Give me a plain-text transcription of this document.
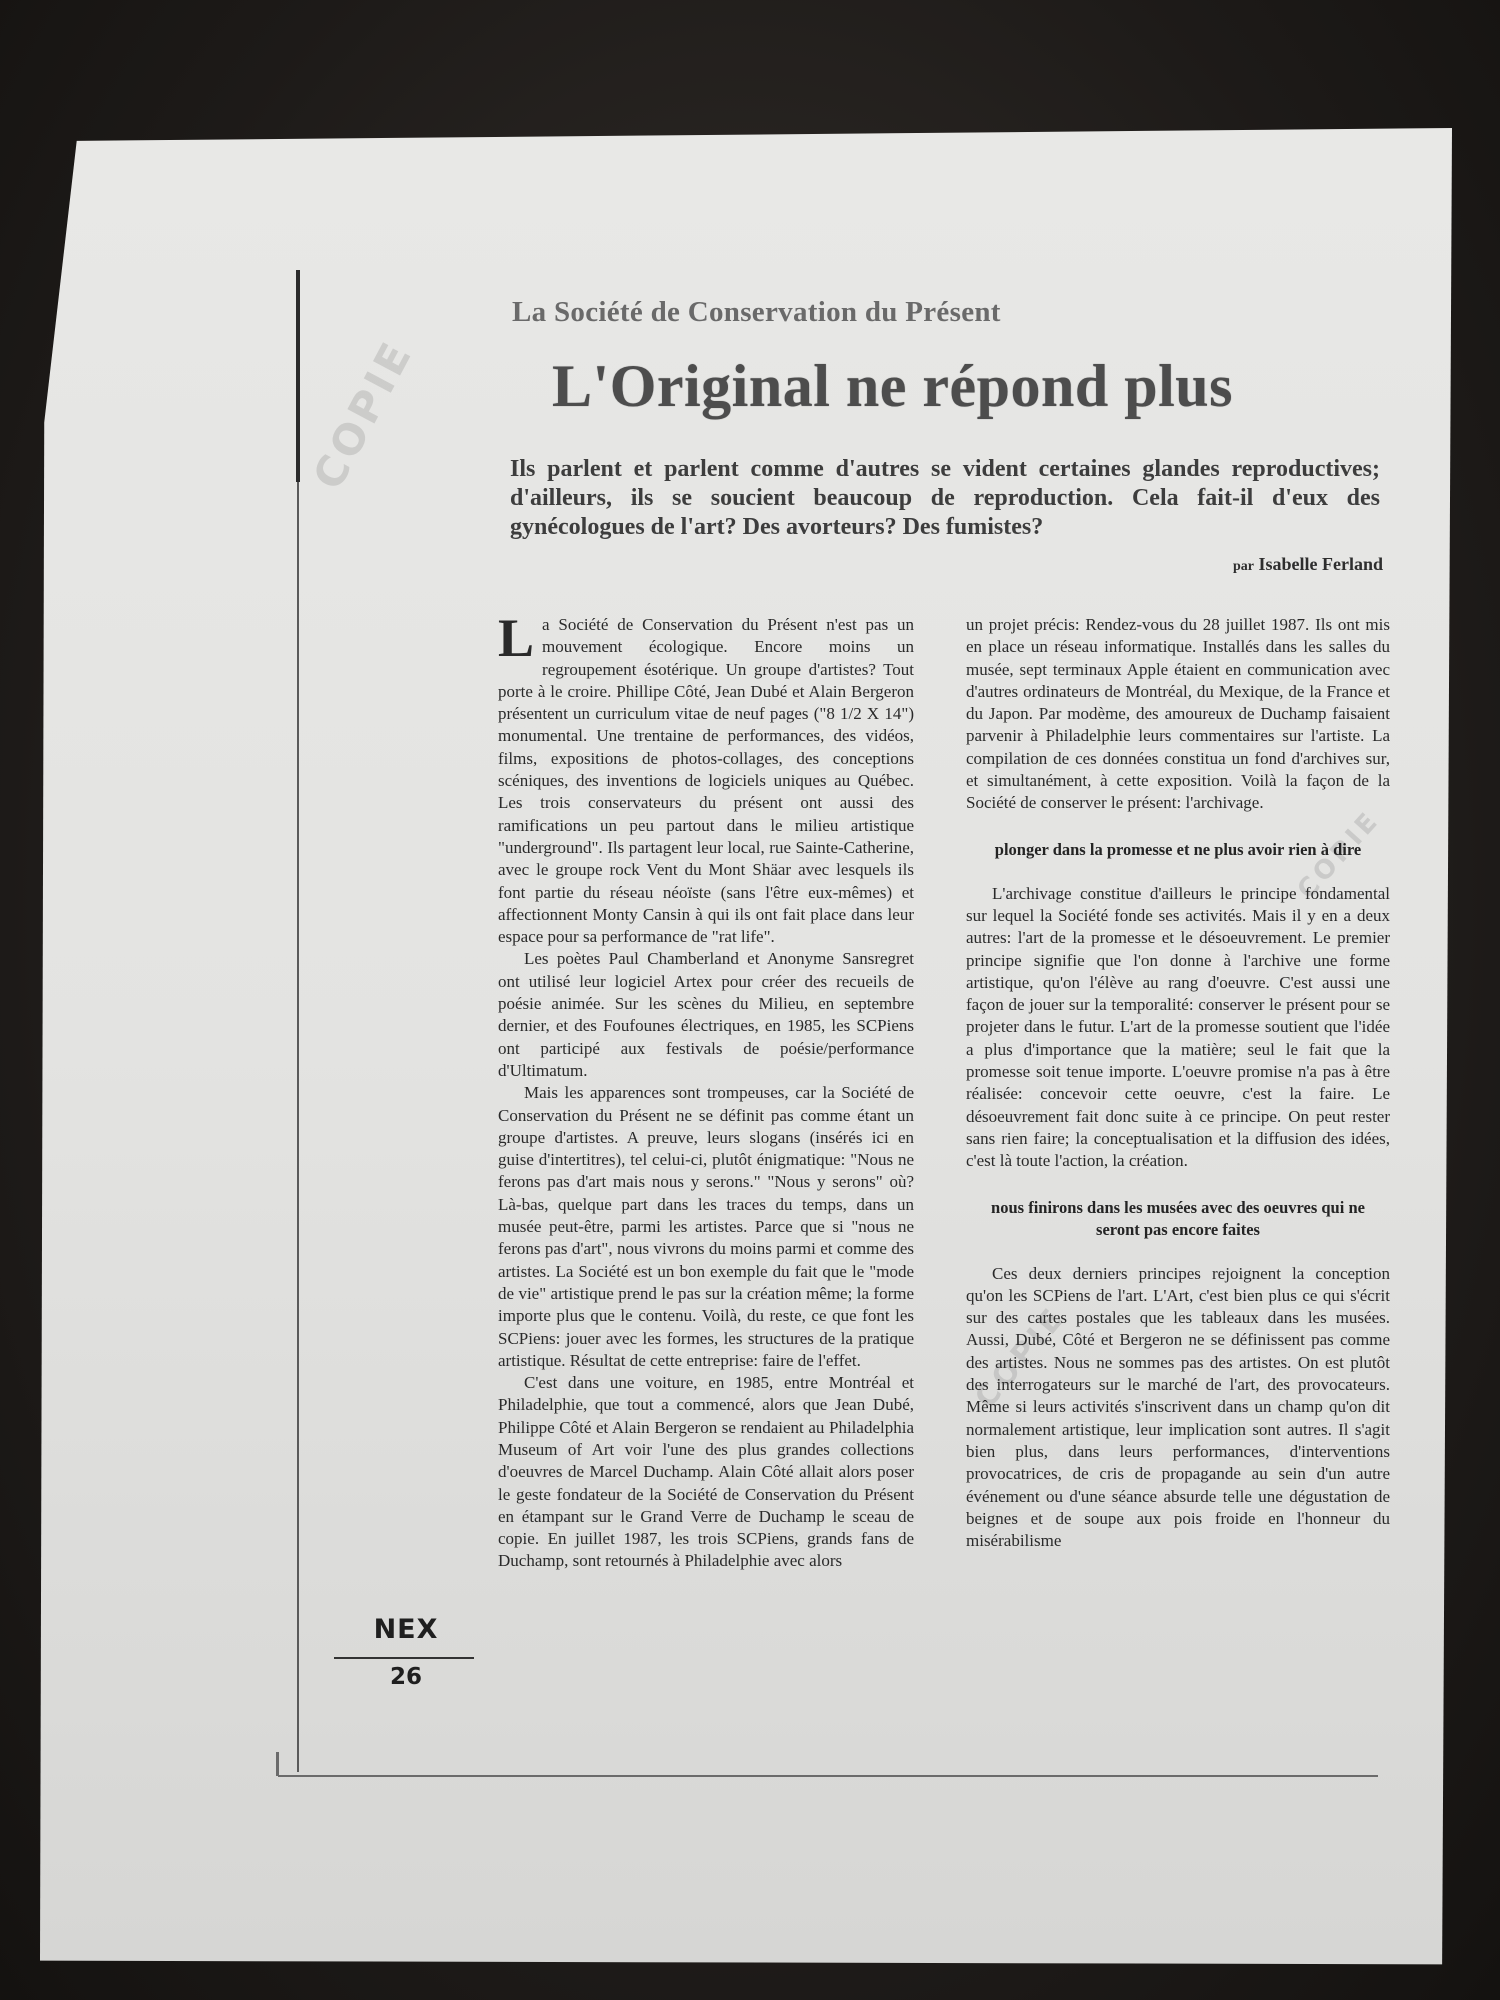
COPIE
COPIE
COPIE
La Société de Conservation du Présent
L'Original ne répond plus
Ils parlent et parlent comme d'autres se vident certaines glandes reproductives; d'ailleurs, ils se soucient beaucoup de reproduction. Cela fait-il d'eux des gynécologues de l'art? Des avorteurs? Des fumistes?
par Isabelle Ferland

La Société de Conservation du Présent n'est pas un mouvement écologique. Encore moins un regroupement ésotérique. Un groupe d'artistes? Tout porte à le croire. Phillipe Côté, Jean Dubé et Alain Bergeron présentent un curriculum vitae de neuf pages ("8 1/2 X 14") monumental. Une trentaine de performances, des vidéos, films, expositions de photos-collages, des conceptions scéniques, des inventions de logiciels uniques au Québec. Les trois conservateurs du présent ont aussi des ramifications un peu partout dans le milieu artistique "underground". Ils partagent leur local, rue Sainte-Catherine, avec le groupe rock Vent du Mont Shäar avec lesquels ils font partie du réseau néoïste (sans l'être eux-mêmes) et affectionnent Monty Cansin à qui ils ont fait place dans leur espace pour sa performance de "rat life".

Les poètes Paul Chamberland et Anonyme Sansregret ont utilisé leur logiciel Artex pour créer des recueils de poésie animée. Sur les scènes du Milieu, en septembre dernier, et des Foufounes électriques, en 1985, les SCPiens ont participé aux festivals de poésie/performance d'Ultimatum.

Mais les apparences sont trompeuses, car la Société de Conservation du Présent ne se définit pas comme étant un groupe d'artistes. A preuve, leurs slogans (insérés ici en guise d'intertitres), tel celui-ci, plutôt énigmatique: "Nous ne ferons pas d'art mais nous y serons." "Nous y serons" où? Là-bas, quelque part dans les traces du temps, dans un musée peut-être, parmi les artistes. Parce que si "nous ne ferons pas d'art", nous vivrons du moins parmi et comme des artistes. La Société est un bon exemple du fait que le "mode de vie" artistique prend le pas sur la création même; la forme importe plus que le contenu. Voilà, du reste, ce que font les SCPiens: jouer avec les formes, les structures de la pratique artistique. Résultat de cette entreprise: faire de l'effet.

C'est dans une voiture, en 1985, entre Montréal et Philadelphie, que tout a commencé, alors que Jean Dubé, Philippe Côté et Alain Bergeron se rendaient au Philadelphia Museum of Art voir l'une des plus grandes collections d'oeuvres de Marcel Duchamp. Alain Côté allait alors poser le geste fondateur de la Société de Conservation du Présent en étampant sur le Grand Verre de Duchamp le sceau de copie. En juillet 1987, les trois SCPiens, grands fans de Duchamp, sont retournés à Philadelphie avec alors

un projet précis: Rendez-vous du 28 juillet 1987. Ils ont mis en place un réseau informatique. Installés dans les salles du musée, sept terminaux Apple étaient en communication avec d'autres ordinateurs de Montréal, du Mexique, de la France et du Japon. Par modème, des amoureux de Duchamp faisaient parvenir à Philadelphie leurs commentaires sur l'artiste. La compilation de ces données constitua un fond d'archives sur, et simultanément, à cette exposition. Voilà la façon de la Société de conserver le présent: l'archivage.

plonger dans la promesse et ne plus avoir rien à dire

L'archivage constitue d'ailleurs le principe fondamental sur lequel la Société fonde ses activités. Mais il y en a deux autres: l'art de la promesse et le désoeuvrement. Le premier principe signifie que l'on donne à l'archive une forme artistique, qu'on l'élève au rang d'oeuvre. C'est aussi une façon de jouer sur la temporalité: conserver le présent pour se projeter dans le futur. L'art de la promesse soutient que l'idée a plus d'importance que la matière; seul le fait que la promesse soit tenue importe. L'oeuvre promise n'a pas à être réalisée: concevoir cette oeuvre, c'est la faire. Le désoeuvrement fait donc suite à ce principe. On peut rester sans rien faire; la conceptualisation et la diffusion des idées, c'est là toute l'action, la création.

nous finirons dans les musées avec des oeuvres qui ne seront pas encore faites

Ces deux derniers principes rejoignent la conception qu'on les SCPiens de l'art. L'Art, c'est bien plus ce qui s'écrit sur des cartes postales que les tableaux dans les musées. Aussi, Dubé, Côté et Bergeron ne se définissent pas comme des artistes. Nous ne sommes pas des artistes. On est plutôt des interrogateurs sur le marché de l'art, des provocateurs. Même si leurs activités s'inscrivent dans un champ qu'on dit normalement artistique, leur implication sont autres. Il s'agit bien plus, dans leurs performances, d'interventions provocatrices, de cris de propagande au sein d'un autre événement ou d'une séance absurde telle une dégustation de beignes et de soupe aux pois froide en l'honneur du misérabilisme

NEX
26
